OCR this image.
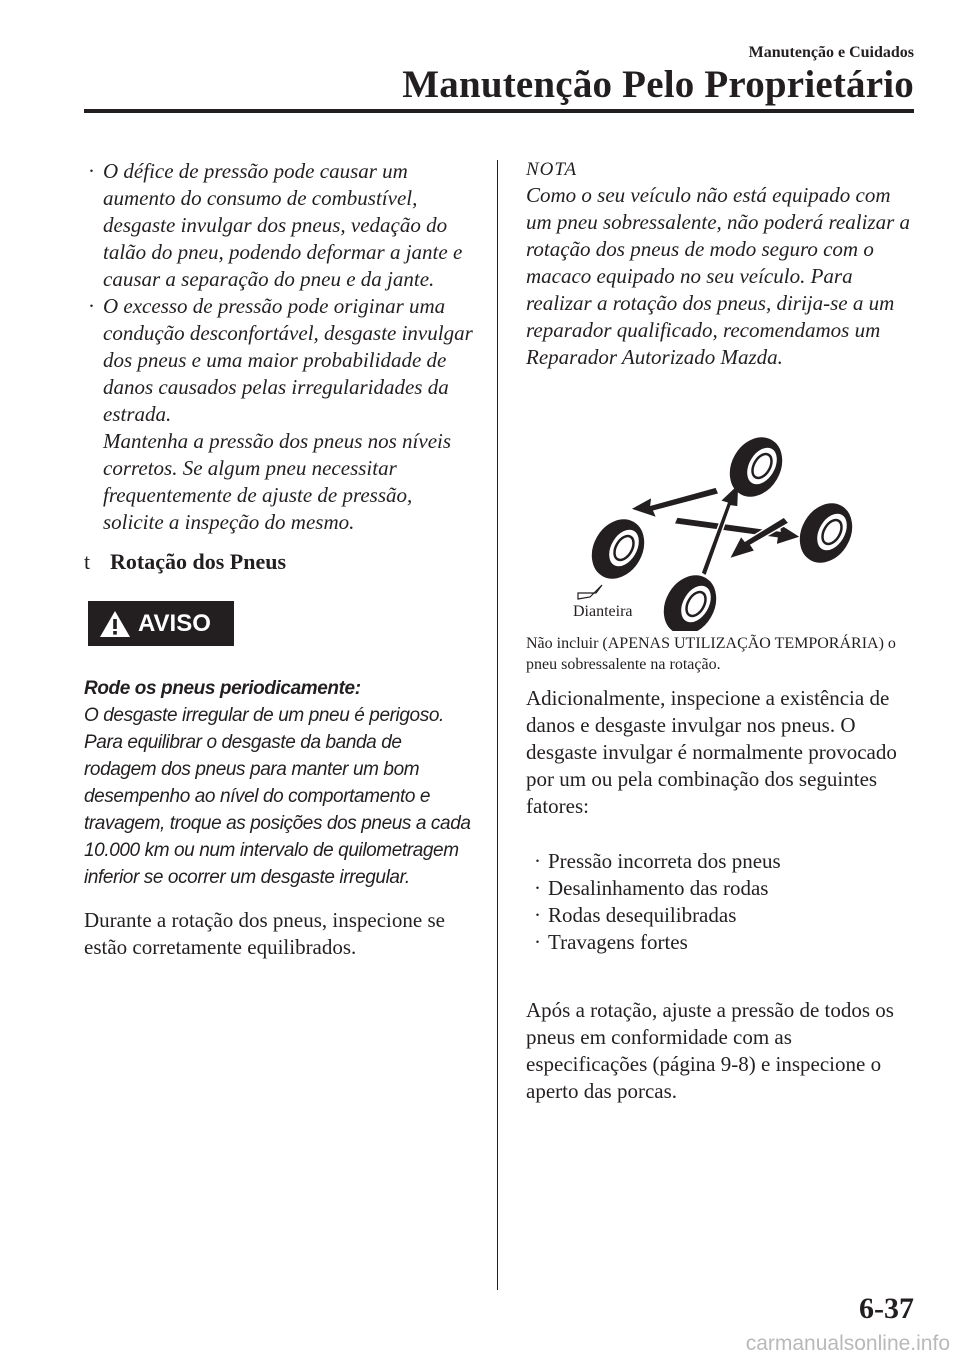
Manutenção e Cuidados
Manutenção Pelo Proprietário
· O défice de pressão pode causar um aumento do consumo de combustível, desgaste invulgar dos pneus, vedação do talão do pneu, podendo deformar a jante e causar a separação do pneu e da jante.
· O excesso de pressão pode originar uma condução desconfortável, desgaste invulgar dos pneus e uma maior probabilidade de danos causados pelas irregularidades da estrada.
Mantenha a pressão dos pneus nos níveis corretos. Se algum pneu necessitar frequentemente de ajuste de pressão, solicite a inspeção do mesmo.
t Rotação dos Pneus
AVISO
Rode os pneus periodicamente:
O desgaste irregular de um pneu é perigoso. Para equilibrar o desgaste da banda de rodagem dos pneus para manter um bom desempenho ao nível do comportamento e travagem, troque as posições dos pneus a cada 10.000 km ou num intervalo de quilometragem inferior se ocorrer um desgaste irregular.
Durante a rotação dos pneus, inspecione se estão corretamente equilibrados.
NOTA
Como o seu veículo não está equipado com um pneu sobressalente, não poderá realizar a rotação dos pneus de modo seguro com o macaco equipado no seu veículo. Para realizar a rotação dos pneus, dirija-se a um reparador qualificado, recomendamos um Reparador Autorizado Mazda.
Dianteira
Não incluir (APENAS UTILIZAÇÃO TEMPORÁRIA) o pneu sobressalente na rotação.
Adicionalmente, inspecione a existência de danos e desgaste invulgar nos pneus. O desgaste invulgar é normalmente provocado por um ou pela combinação dos seguintes fatores:
· Pressão incorreta dos pneus
· Desalinhamento das rodas
· Rodas desequilibradas
· Travagens fortes
Após a rotação, ajuste a pressão de todos os pneus em conformidade com as especificações (página 9-8) e inspecione o aperto das porcas.
6-37
carmanualsonline.info
